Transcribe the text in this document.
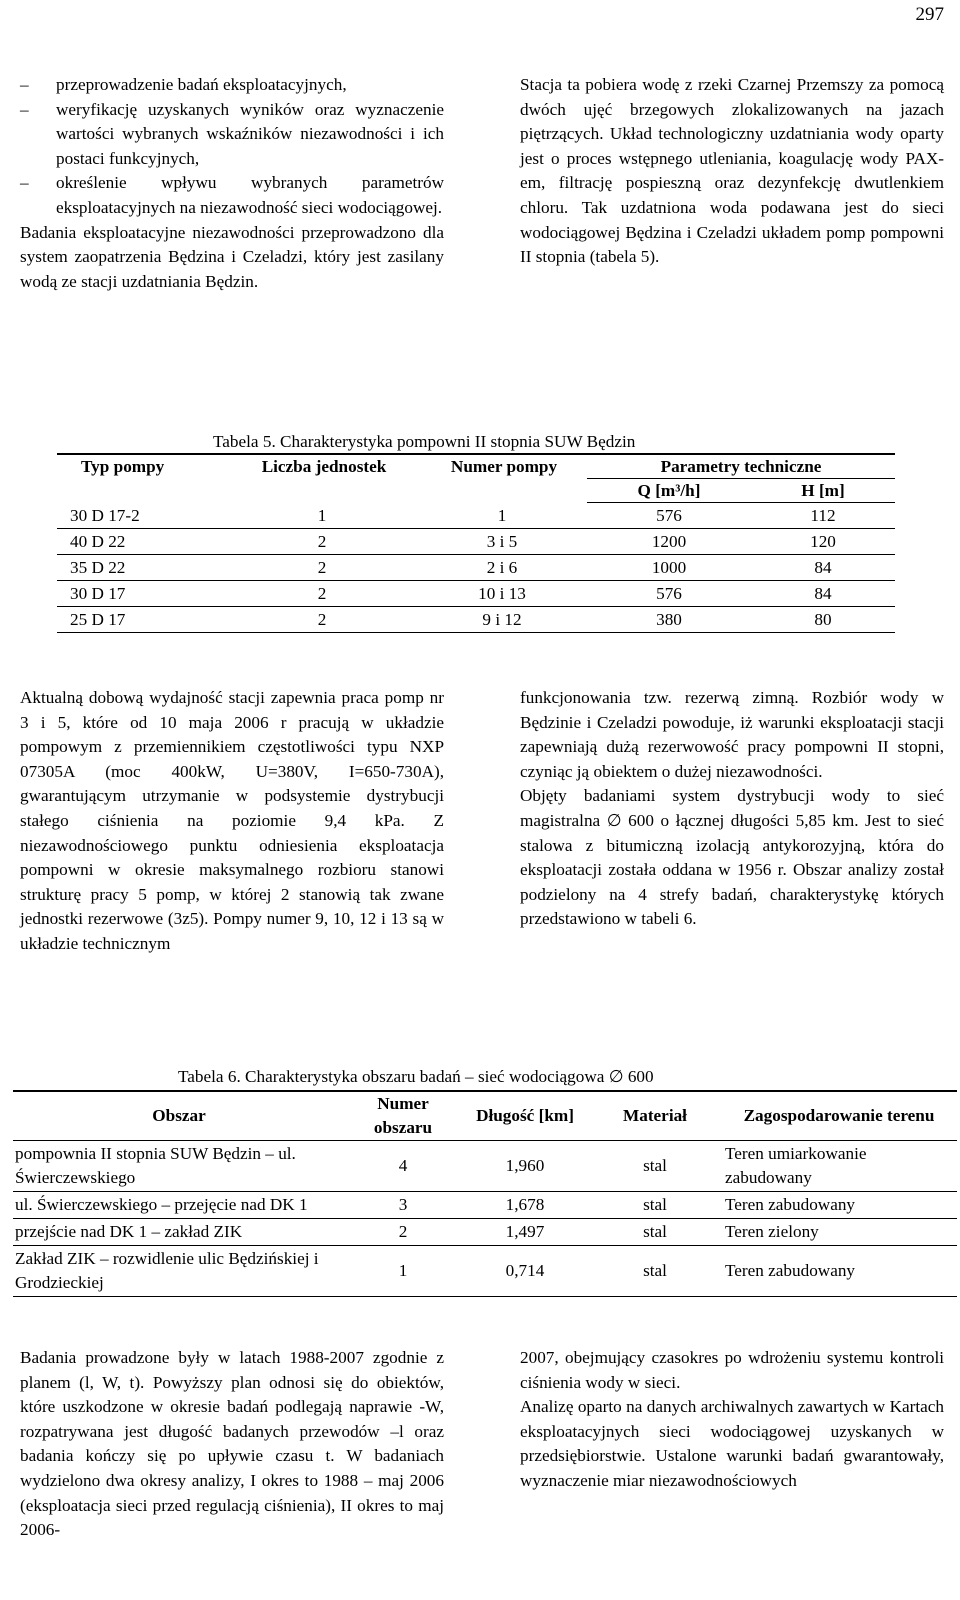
297
–	przeprowadzenie badań eksploatacyjnych,
–	weryfikację uzyskanych wyników oraz wyznaczenie wartości wybranych wskaźników niezawodności i ich postaci funkcyjnych,
–	określenie wpływu wybranych parametrów eksploatacyjnych na niezawodność sieci wodociągowej.
Badania eksploatacyjne niezawodności przeprowadzono dla system zaopatrzenia Będzina i Czeladzi, który jest zasilany wodą ze stacji uzdatniania Będzin.
Stacja ta pobiera wodę z rzeki Czarnej Przemszy za pomocą dwóch ujęć brzegowych zlokalizowanych na jazach piętrzących. Układ technologiczny uzdatniania wody oparty jest o proces wstępnego utleniania, koagulację wody PAX-em, filtrację pospieszną oraz dezynfekcję dwutlenkiem chloru. Tak uzdatniona woda podawana jest do sieci wodociągowej Będzina i Czeladzi układem pomp pompowni II stopnia (tabela 5).
Tabela 5. Charakterystyka pompowni II stopnia SUW Będzin
Typ pompy	Liczba jednostek	Numer pompy	Parametry techniczne	
			Q [m³/h]	H [m]
30 D 17-2	1	1	576	112
40 D 22	2	3 i 5	1200	120
35 D 22	2	2 i 6	1000	84
30 D 17	2	10 i 13	576	84
25 D 17	2	9 i 12	380	80
Aktualną dobową wydajność stacji zapewnia praca pomp nr 3 i 5, które od 10 maja 2006 r pracują w układzie pompowym z przemiennikiem częstotliwości typu NXP 07305A (moc 400kW, U=380V, I=650-730A), gwarantującym utrzymanie w podsystemie dystrybucji stałego ciśnienia na poziomie 9,4 kPa. Z niezawodnościowego punktu odniesienia eksploatacja pompowni w okresie maksymalnego rozbioru stanowi strukturę pracy 5 pomp, w której 2 stanowią tak zwane jednostki rezerwowe (3z5). Pompy numer 9, 10, 12 i 13 są w układzie technicznym
funkcjonowania tzw. rezerwą zimną. Rozbiór wody w Będzinie i Czeladzi powoduje, iż warunki eksploatacji stacji zapewniają dużą rezerwowość pracy pompowni II stopni, czyniąc ją obiektem o dużej niezawodności.
Objęty badaniami system dystrybucji wody to sieć magistralna ∅ 600 o łącznej długości 5,85 km. Jest to sieć stalowa z bitumiczną izolacją antykorozyjną, która do eksploatacji została oddana w 1956 r. Obszar analizy został podzielony na 4 strefy badań, charakterystykę których przedstawiono w tabeli 6.
Tabela 6. Charakterystyka obszaru badań – sieć wodociągowa ∅ 600
Obszar	Numer obszaru	Długość [km]	Materiał	Zagospodarowanie terenu
pompownia II stopnia SUW Będzin – ul. Świerczewskiego	4	1,960	stal	Teren umiarkowanie zabudowany
ul. Świerczewskiego – przejęcie nad DK 1	3	1,678	stal	Teren zabudowany
przejście nad DK 1 – zakład ZIK	2	1,497	stal	Teren zielony
Zakład ZIK – rozwidlenie ulic Będzińskiej i Grodzieckiej	1	0,714	stal	Teren zabudowany
Badania prowadzone były w latach 1988-2007 zgodnie z planem (l, W, t). Powyższy plan odnosi się do obiektów, które uszkodzone w okresie badań podlegają naprawie -W, rozpatrywana jest długość badanych przewodów –l oraz badania kończy się po upływie czasu t. W badaniach wydzielono dwa okresy analizy, I okres to 1988 – maj 2006 (eksploatacja sieci przed regulacją ciśnienia), II okres to maj 2006-
2007, obejmujący czasokres po wdrożeniu systemu kontroli ciśnienia wody w sieci.
Analizę oparto na danych archiwalnych zawartych w Kartach eksploatacyjnych sieci wodociągowej uzyskanych w przedsiębiorstwie. Ustalone warunki badań gwarantowały, wyznaczenie miar niezawodnościowych
